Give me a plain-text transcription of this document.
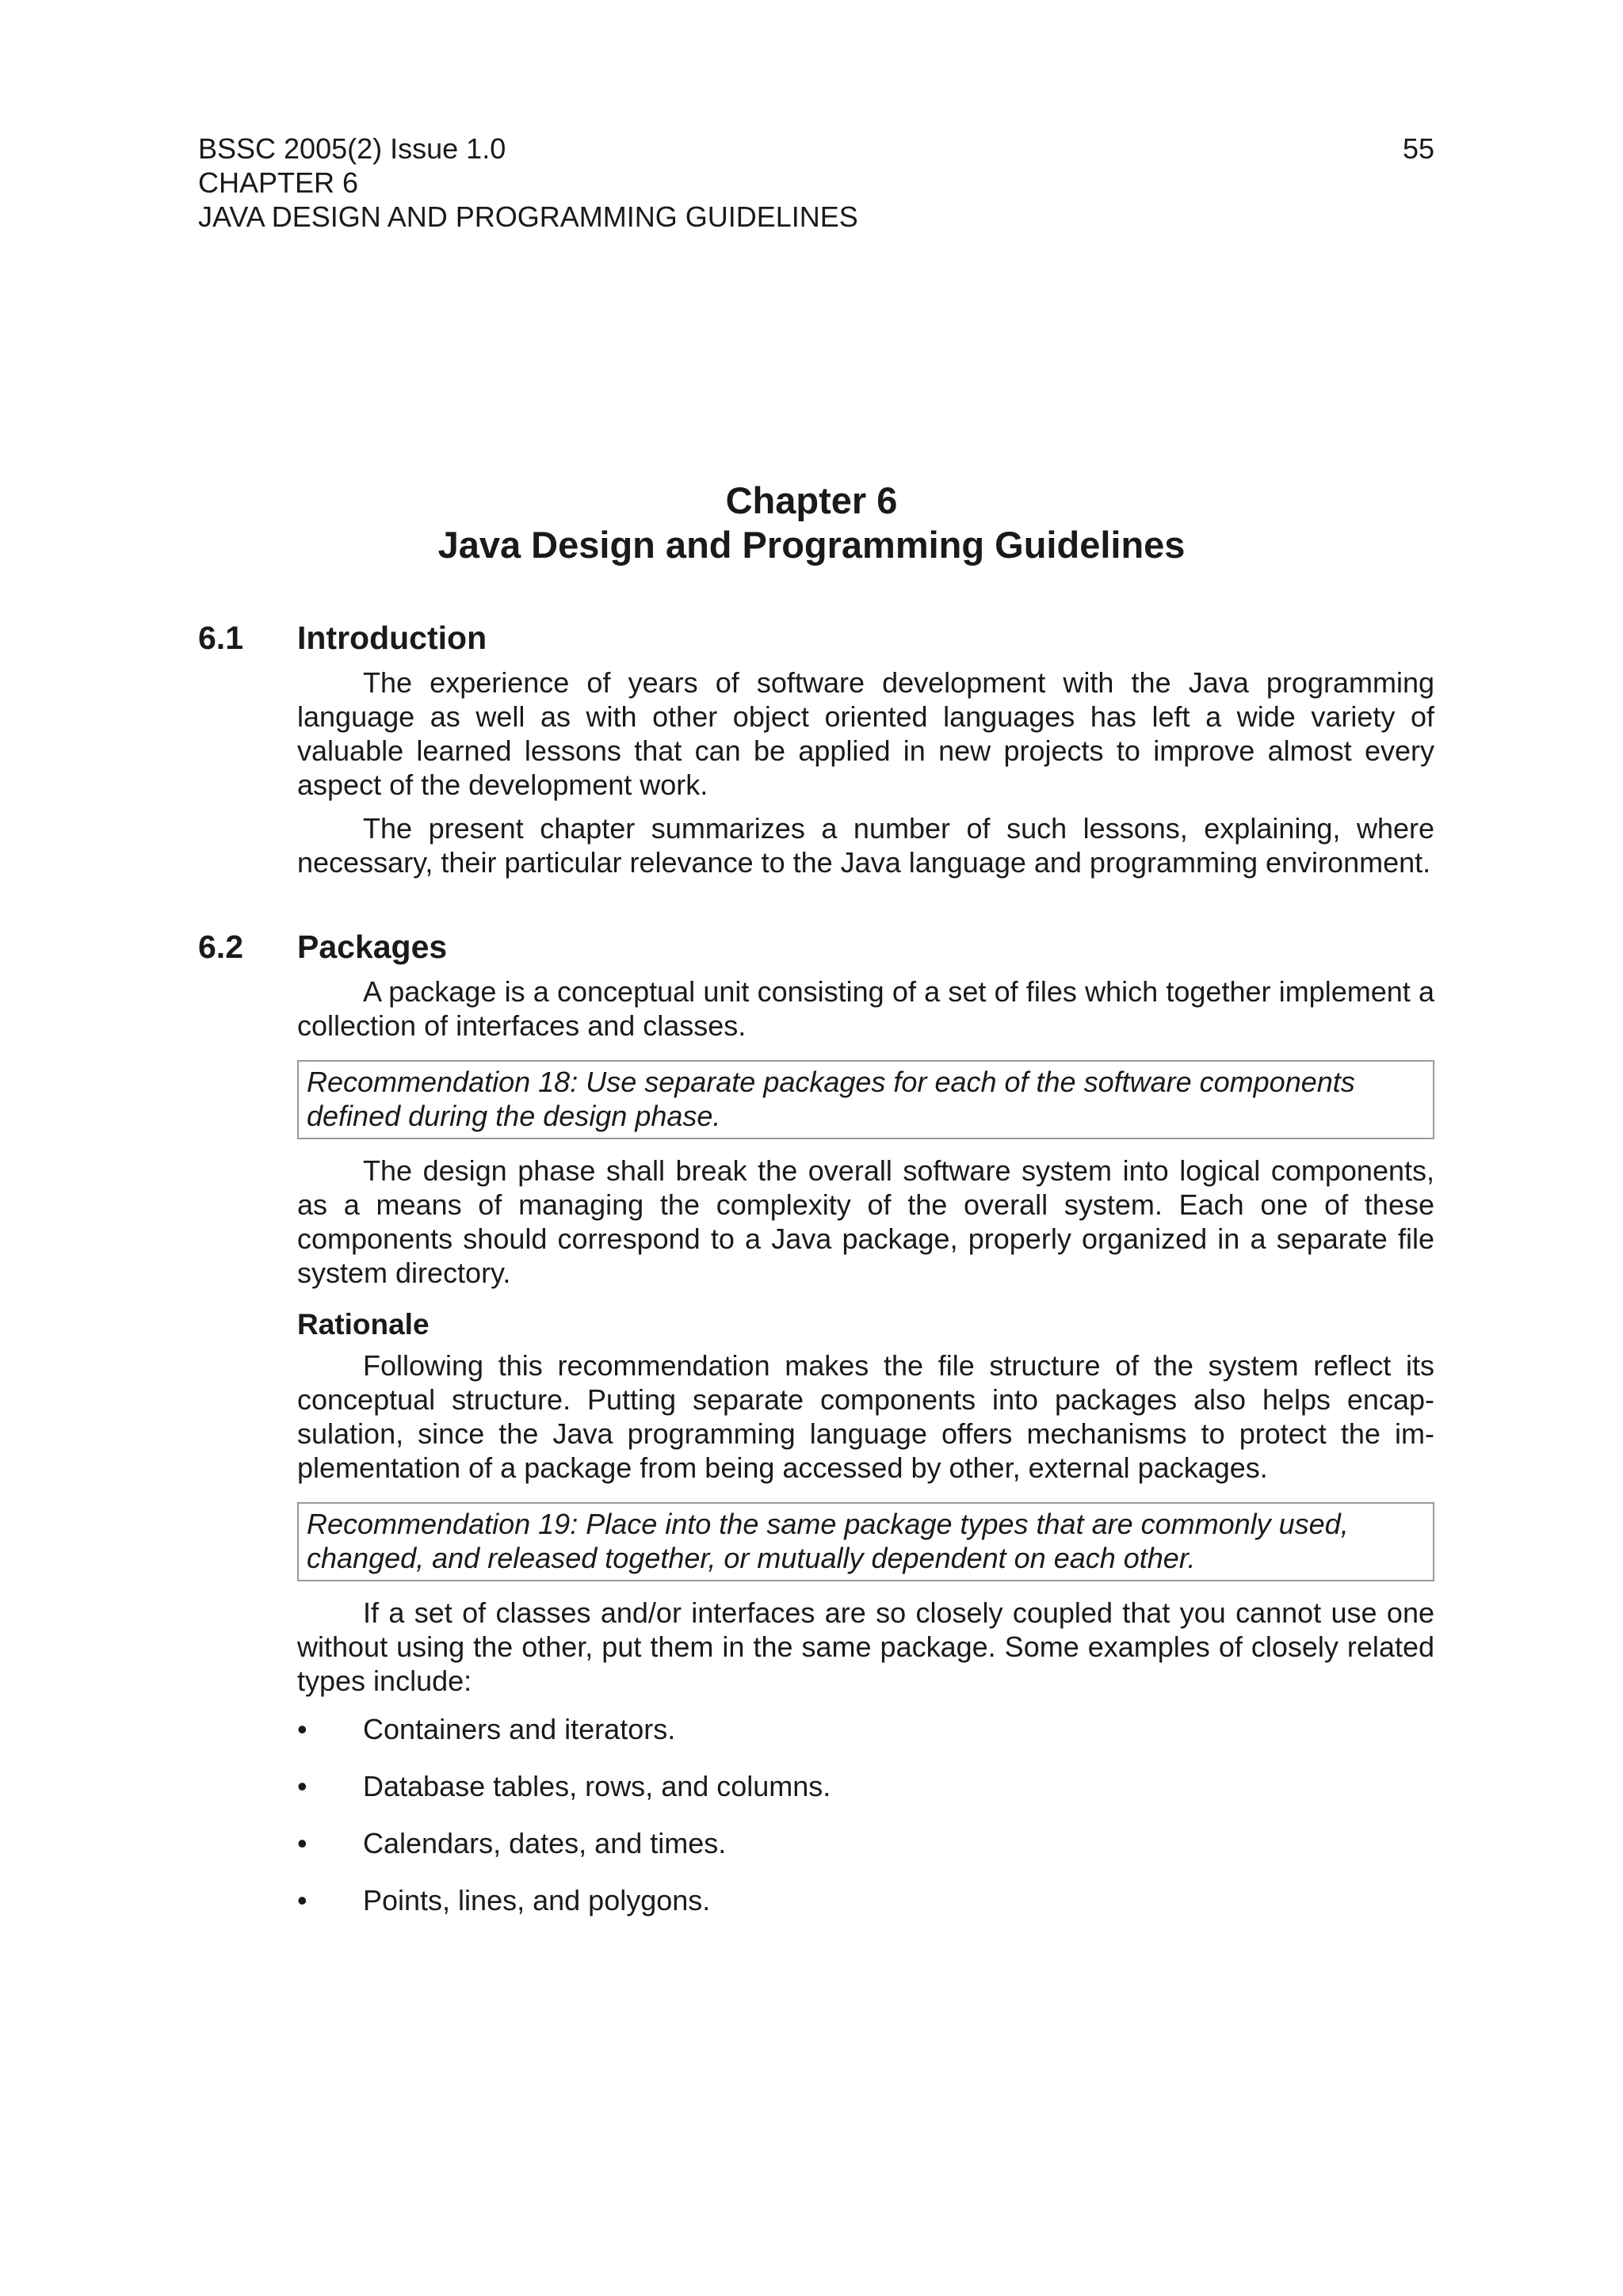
BSSC 2005(2) Issue 1.0
CHAPTER 6
JAVA DESIGN AND PROGRAMMING GUIDELINES
55
Chapter 6
Java Design and Programming Guidelines
6.1	Introduction

The experience of years of software development with the Java programming language as well as with other object oriented languages has left a wide variety of valuable learned lessons that can be applied in new projects to improve almost every aspect of the development work.

The present chapter summarizes a number of such lessons, explaining, where necessary, their particular relevance to the Java language and programming environment.

6.2	Packages

A package is a conceptual unit consisting of a set of files which together implement a collection of interfaces and classes.

Recommendation 18: Use separate packages for each of the software components defined during the design phase.

The design phase shall break the overall software system into logical components, as a means of managing the complexity of the overall system. Each one of these components should correspond to a Java package, properly organized in a separate file system directory.

Rationale

Following this recommendation makes the file structure of the system reflect its conceptual structure. Putting separate components into packages also helps encapsulation, since the Java programming language offers mechanisms to protect the implementation of a package from being accessed by other, external packages.

Recommendation 19: Place into the same package types that are commonly used, changed, and released together, or mutually dependent on each other.

If a set of classes and/or interfaces are so closely coupled that you cannot use one without using the other, put them in the same package. Some examples of closely related types include:

•	Containers and iterators.
•	Database tables, rows, and columns.
•	Calendars, dates, and times.
•	Points, lines, and polygons.
